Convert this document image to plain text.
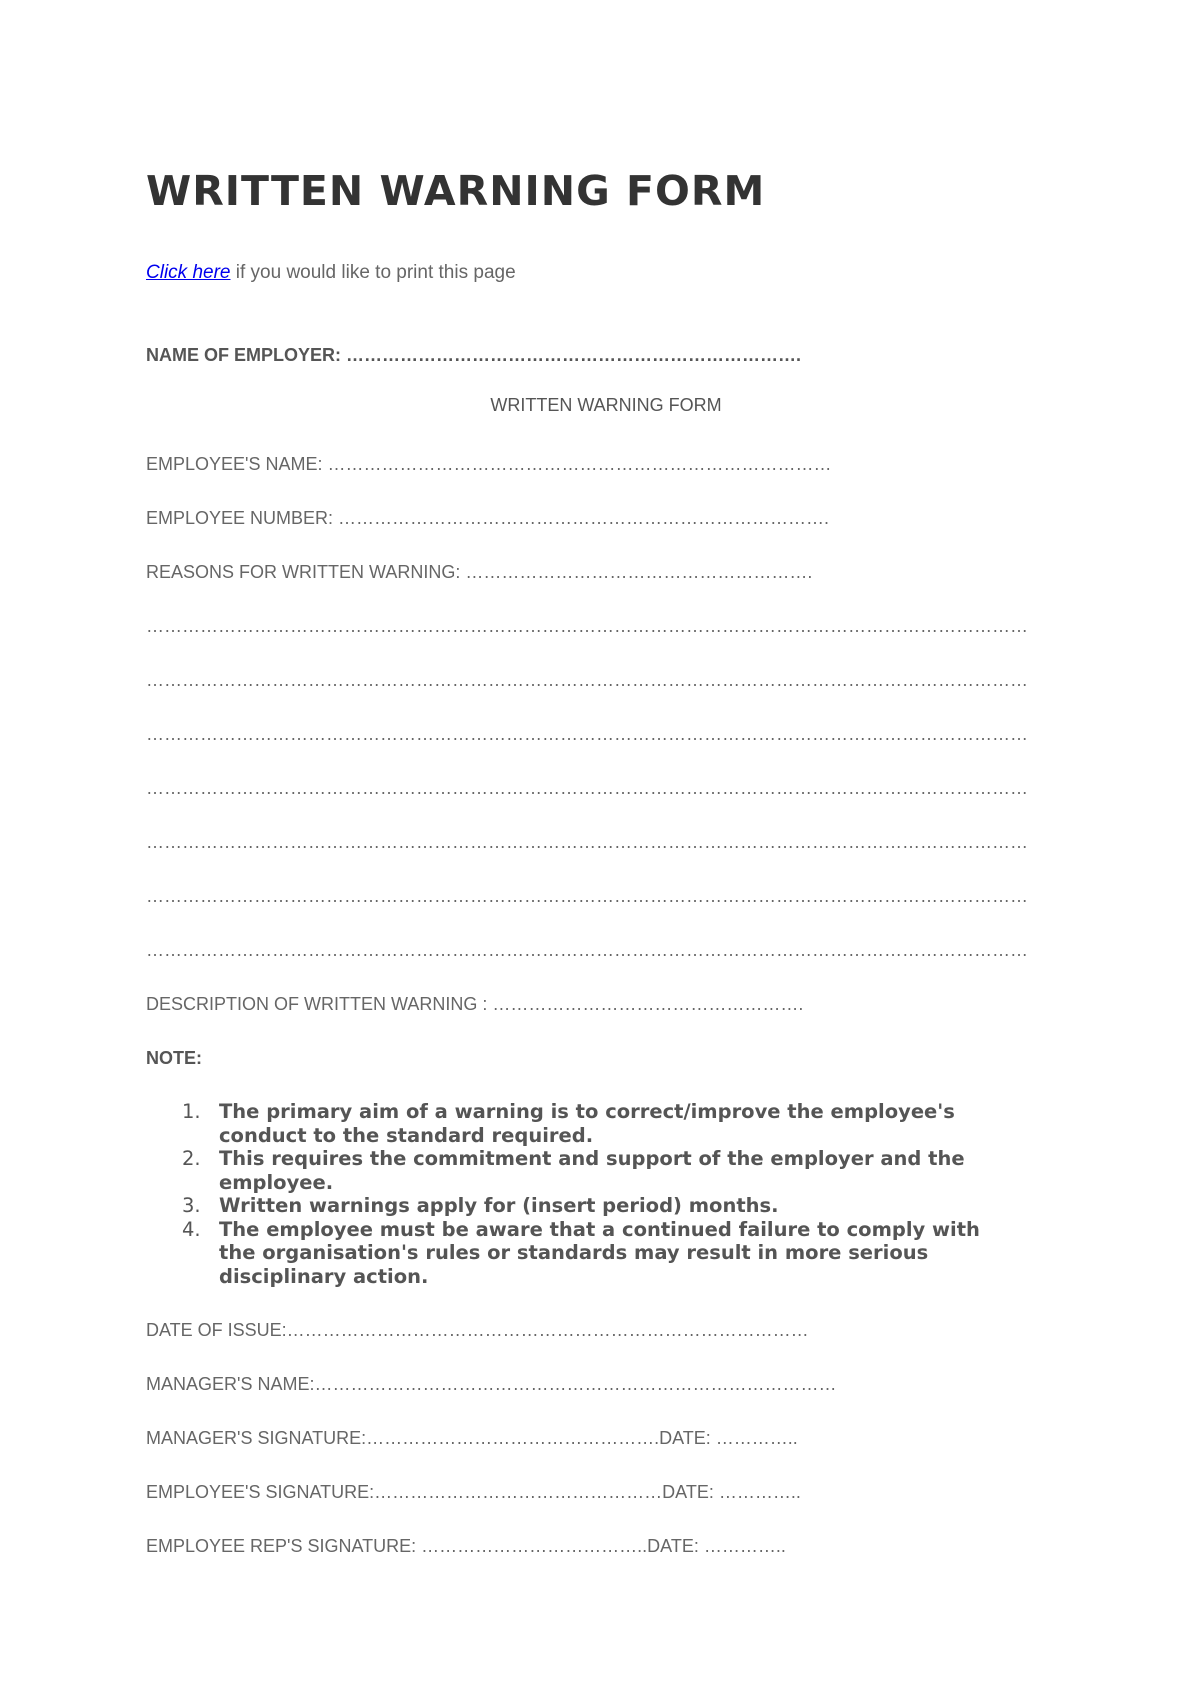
WRITTEN WARNING FORM
Click here if you would like to print this page
NAME OF EMPLOYER: ………………………………………………………………….
WRITTEN WARNING FORM
EMPLOYEE'S NAME: …………………………………………………………………………
EMPLOYEE NUMBER: ……………………………………………………………………….
REASONS FOR WRITTEN WARNING: ………………………………………………….
…………………………………………………………………………………………………………………………………
…………………………………………………………………………………………………………………………………
…………………………………………………………………………………………………………………………………
…………………………………………………………………………………………………………………………………
…………………………………………………………………………………………………………………………………
…………………………………………………………………………………………………………………………………
…………………………………………………………………………………………………………………………………
DESCRIPTION OF WRITTEN WARNING : …………………………………………….
NOTE:
1. The primary aim of a warning is to correct/improve the employee's conduct to the standard required.
2. This requires the commitment and support of the employer and the employee.
3. Written warnings apply for (insert period) months.
4. The employee must be aware that a continued failure to comply with the organisation's rules or standards may result in more serious disciplinary action.
DATE OF ISSUE:……………………………………………………………………………
MANAGER'S NAME:……………………………………………………………………………
MANAGER'S SIGNATURE:………………………………………….DATE: …………..
EMPLOYEE'S SIGNATURE:…………………………………………DATE: …………..
EMPLOYEE REP'S SIGNATURE: ………………………………..DATE: …………..
